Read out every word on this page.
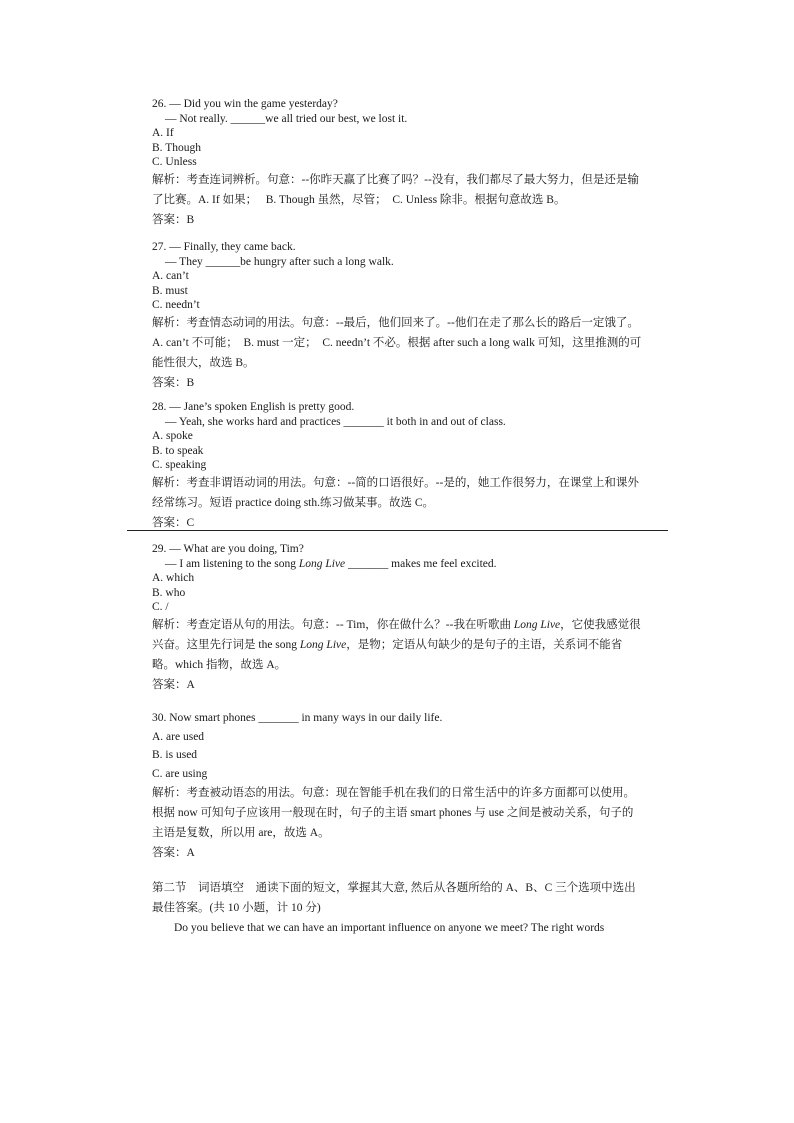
26. — Did you win the game yesterday?
— Not really. ______we all tried our best, we lost it.
A. If
B. Though
C. Unless
解析：考查连词辨析。句意：--你昨天赢了比赛了吗？--没有，我们都尽了最大努力，但是还是输了比赛。A. If 如果；　 B. Though 虽然，尽管；　C. Unless 除非。根据句意故选 B。
答案：B
27. — Finally, they came back.
— They ______be hungry after such a long walk.
A. can’t
B. must
C. needn’t
解析：考查情态动词的用法。句意：--最后，他们回来了。--他们在走了那么长的路后一定饿了。A. can’t 不可能；　B. must 一定；　C. needn’t 不必。根据 after such a long walk 可知，这里推测的可能性很大，故选 B。
答案：B
28. — Jane’s spoken English is pretty good.
— Yeah, she works hard and practices _______ it both in and out of class.
A. spoke
B. to speak
C. speaking
解析：考查非谓语动词的用法。句意：--简的口语很好。--是的，她工作很努力，在课堂上和课外经常练习。短语 practice doing sth.练习做某事。故选 C。
答案：C
29. — What are you doing, Tim?
— I am listening to the song Long Live _______ makes me feel excited.
A. which
B. who
C. /
解析：考查定语从句的用法。句意：-- Tim，你在做什么？--我在听歌曲 Long Live，它使我感觉很兴奋。这里先行词是 the song Long Live，是物；定语从句缺少的是句子的主语，关系词不能省略。which 指物，故选 A。
答案：A
30. Now smart phones _______ in many ways in our daily life.
A. are used
B. is used
C. are using
解析：考查被动语态的用法。句意：现在智能手机在我们的日常生活中的许多方面都可以使用。根据 now 可知句子应该用一般现在时，句子的主语 smart phones 与 use 之间是被动关系，句子的主语是复数，所以用 are，故选 A。
答案：A
第二节　词语填空　通读下面的短文，掌握其大意, 然后从各题所给的 A、B、C 三个选项中选出最佳答案。(共 10 小题，计 10 分)
Do you believe that we can have an important influence on anyone we meet? The right words
